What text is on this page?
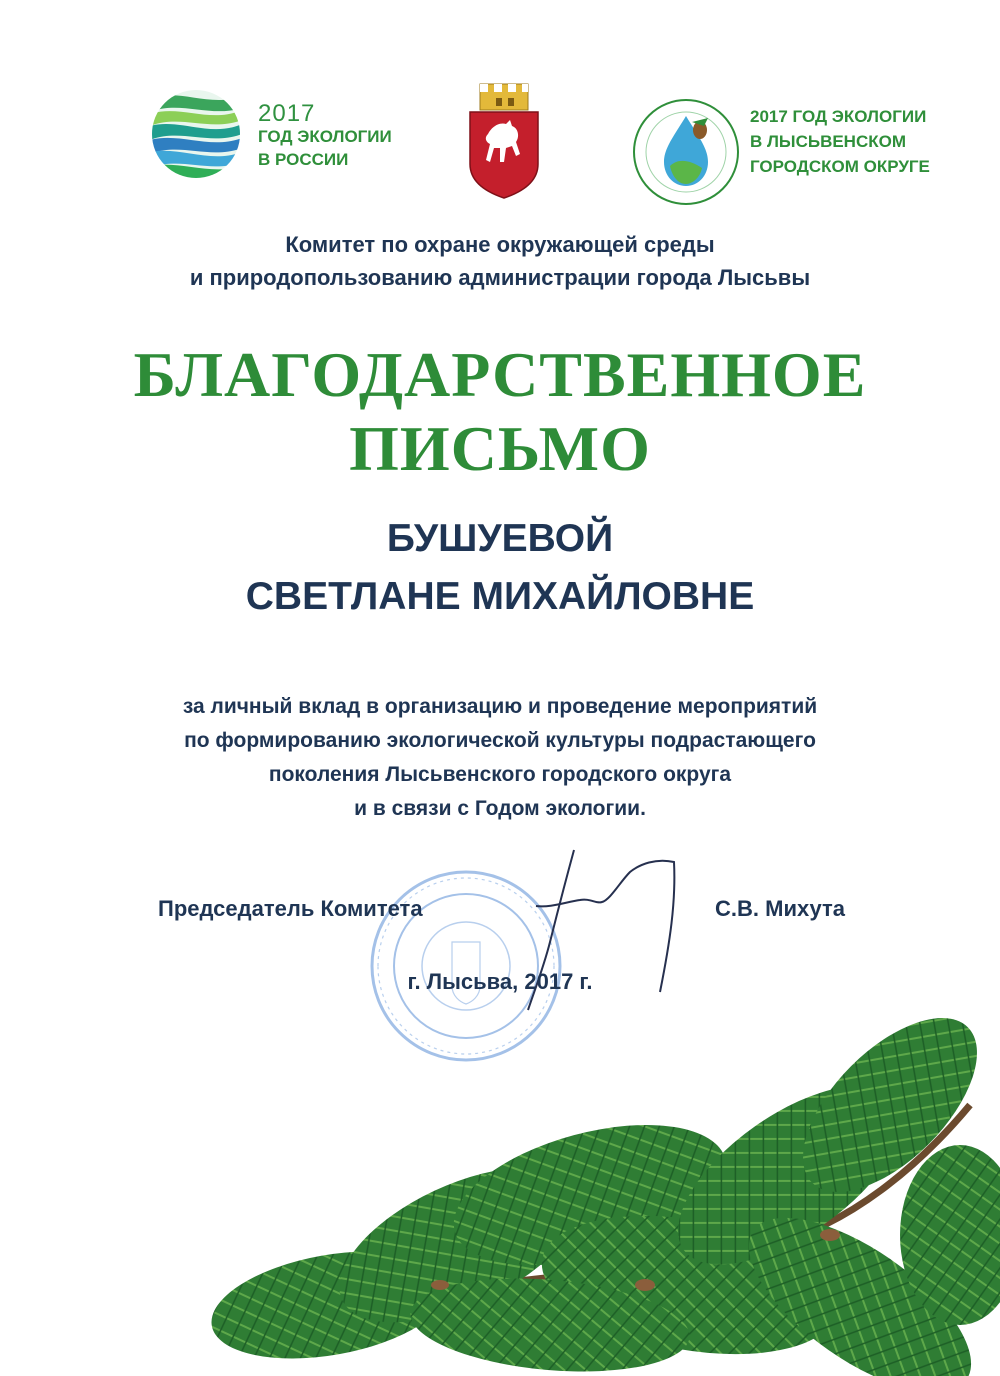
2017
ГОД ЭКОЛОГИИ
В РОССИИ
2017 ГОД ЭКОЛОГИИ
В ЛЫСЬВЕНСКОМ
ГОРОДСКОМ ОКРУГЕ
Комитет по охране окружающей среды
и природопользованию администрации города Лысьвы
БЛАГОДАРСТВЕННОЕ
ПИСЬМО
БУШУЕВОЙ
СВЕТЛАНЕ МИХАЙЛОВНЕ
за личный вклад в организацию и проведение мероприятий
по формированию экологической культуры подрастающего
поколения Лысьвенского городского округа
и в связи с Годом экологии.
Председатель Комитета	С.В. Михута
г. Лысьва, 2017 г.
